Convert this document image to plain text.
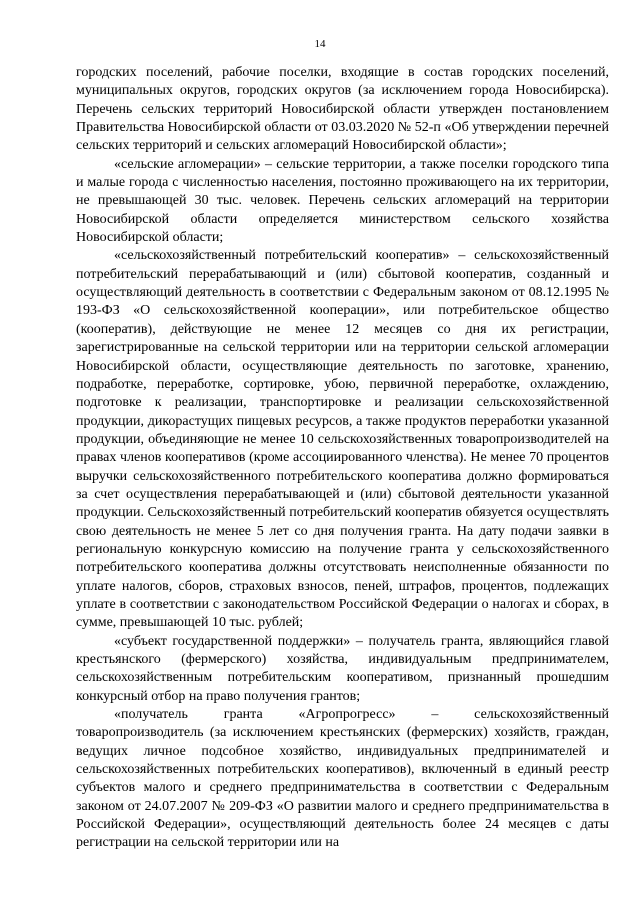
14

городских поселений, рабочие поселки, входящие в состав городских поселений, муниципальных округов, городских округов (за исключением города Новосибирска). Перечень сельских территорий Новосибирской области утвержден постановлением Правительства Новосибирской области от 03.03.2020 № 52-п «Об утверждении перечней сельских территорий и сельских агломераций Новосибирской области»;

«сельские агломерации» – сельские территории, а также поселки городского типа и малые города с численностью населения, постоянно проживающего на их территории, не превышающей 30 тыс. человек. Перечень сельских агломераций на территории Новосибирской области определяется министерством сельского хозяйства Новосибирской области;

«сельскохозяйственный потребительский кооператив» – сельскохозяйственный потребительский перерабатывающий и (или) сбытовой кооператив, созданный и осуществляющий деятельность в соответствии с Федеральным законом от 08.12.1995 № 193-ФЗ «О сельскохозяйственной кооперации», или потребительское общество (кооператив), действующие не менее 12 месяцев со дня их регистрации, зарегистрированные на сельской территории или на территории сельской агломерации Новосибирской области, осуществляющие деятельность по заготовке, хранению, подработке, переработке, сортировке, убою, первичной переработке, охлаждению, подготовке к реализации, транспортировке и реализации сельскохозяйственной продукции, дикорастущих пищевых ресурсов, а также продуктов переработки указанной продукции, объединяющие не менее 10 сельскохозяйственных товаропроизводителей на правах членов кооперативов (кроме ассоциированного членства). Не менее 70 процентов выручки сельскохозяйственного потребительского кооператива должно формироваться за счет осуществления перерабатывающей и (или) сбытовой деятельности указанной продукции. Сельскохозяйственный потребительский кооператив обязуется осуществлять свою деятельность не менее 5 лет со дня получения гранта. На дату подачи заявки в региональную конкурсную комиссию на получение гранта у сельскохозяйственного потребительского кооператива должны отсутствовать неисполненные обязанности по уплате налогов, сборов, страховых взносов, пеней, штрафов, процентов, подлежащих уплате в соответствии с законодательством Российской Федерации о налогах и сборах, в сумме, превышающей 10 тыс. рублей;

«субъект государственной поддержки» – получатель гранта, являющийся главой крестьянского (фермерского) хозяйства, индивидуальным предпринимателем, сельскохозяйственным потребительским кооперативом, признанный прошедшим конкурсный отбор на право получения грантов;

«получатель гранта «Агропрогресс» – сельскохозяйственный товаропроизводитель (за исключением крестьянских (фермерских) хозяйств, граждан, ведущих личное подсобное хозяйство, индивидуальных предпринимателей и сельскохозяйственных потребительских кооперативов), включенный в единый реестр субъектов малого и среднего предпринимательства в соответствии с Федеральным законом от 24.07.2007 № 209-ФЗ «О развитии малого и среднего предпринимательства в Российской Федерации», осуществляющий деятельность более 24 месяцев с даты регистрации на сельской территории или на
